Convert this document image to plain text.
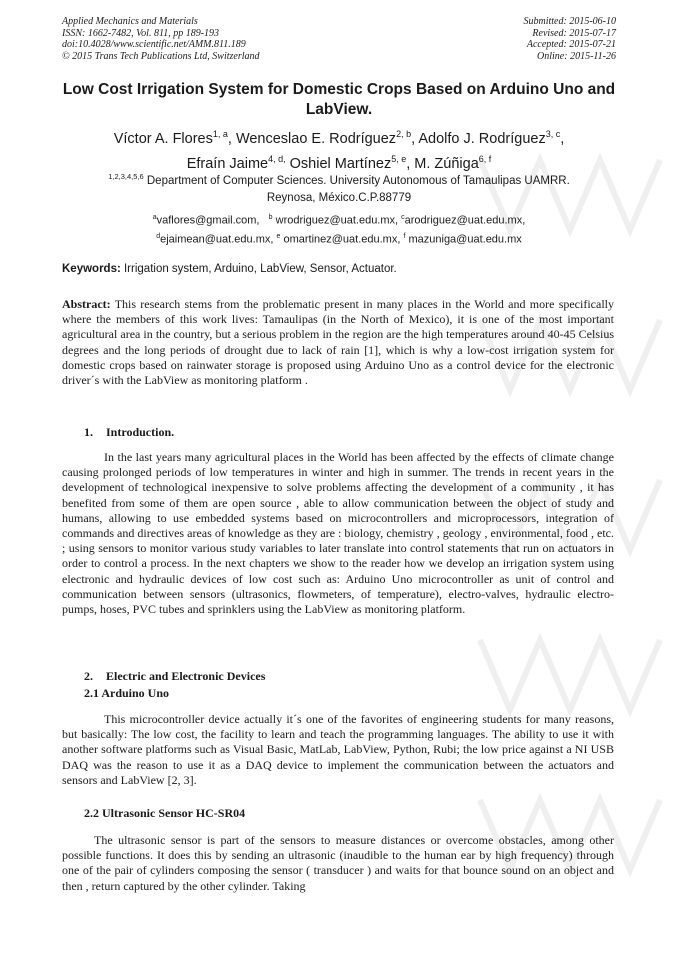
Applied Mechanics and Materials
ISSN: 1662-7482, Vol. 811, pp 189-193
doi:10.4028/www.scientific.net/AMM.811.189
© 2015 Trans Tech Publications Ltd, Switzerland
Submitted: 2015-06-10
Revised: 2015-07-17
Accepted: 2015-07-21
Online: 2015-11-26
Low Cost Irrigation System for Domestic Crops Based on Arduino Uno and LabView.
Víctor A. Flores$^{1, a}$, Wenceslao E. Rodríguez$^{2, b}$, Adolfo J. Rodríguez$^{3, c}$,
Efraín Jaime$^{4, d,}$ Oshiel Martínez$^{5, e}$, M. Zúñiga$^{6, f}$
$^{1,2,3,4,5,6}$ Department of Computer Sciences. University Autonomous of Tamaulipas UAMRR.
Reynosa, México.C.P.88779
$^a$vaflores@gmail.com, $^b$ wrodriguez@uat.edu.mx, $^c$arodriguez@uat.edu.mx,
$^d$ejaimean@uat.edu.mx, $^e$ omartinez@uat.edu.mx, $^f$ mazuniga@uat.edu.mx
Keywords: Irrigation system, Arduino, LabView, Sensor, Actuator.

Abstract: This research stems from the problematic present in many places in the World and more specifically where the members of this work lives: Tamaulipas (in the North of Mexico), it is one of the most important agricultural area in the country, but a serious problem in the region are the high temperatures around 40-45 Celsius degrees and the long periods of drought due to lack of rain [1], which is why a low-cost irrigation system for domestic crops based on rainwater storage is proposed using Arduino Uno as a control device for the electronic driver´s with the LabView as monitoring platform .

1. Introduction.

In the last years many agricultural places in the World has been affected by the effects of climate change causing prolonged periods of low temperatures in winter and high in summer. The trends in recent years in the development of technological inexpensive to solve problems affecting the development of a community , it has benefited from some of them are open source , able to allow communication between the object of study and humans, allowing to use embedded systems based on microcontrollers and microprocessors, integration of commands and directives areas of knowledge as they are : biology, chemistry , geology , environmental, food , etc. ; using sensors to monitor various study variables to later translate into control statements that run on actuators in order to control a process. In the next chapters we show to the reader how we develop an irrigation system using electronic and hydraulic devices of low cost such as: Arduino Uno microcontroller as unit of control and communication between sensors (ultrasonics, flowmeters, of temperature), electro-valves, hydraulic electro-pumps, hoses, PVC tubes and sprinklers using the LabView as monitoring platform.

2. Electric and Electronic Devices
2.1 Arduino Uno

This microcontroller device actually it´s one of the favorites of engineering students for many reasons, but basically: The low cost, the facility to learn and teach the programming languages. The ability to use it with another software platforms such as Visual Basic, MatLab, LabView, Python, Rubi; the low price against a NI USB DAQ was the reason to use it as a DAQ device to implement the communication between the actuators and sensors and LabView [2, 3].

2.2 Ultrasonic Sensor HC-SR04

The ultrasonic sensor is part of the sensors to measure distances or overcome obstacles, among other possible functions. It does this by sending an ultrasonic (inaudible to the human ear by high frequency) through one of the pair of cylinders composing the sensor ( transducer ) and waits for that bounce sound on an object and then , return captured by the other cylinder. Taking
